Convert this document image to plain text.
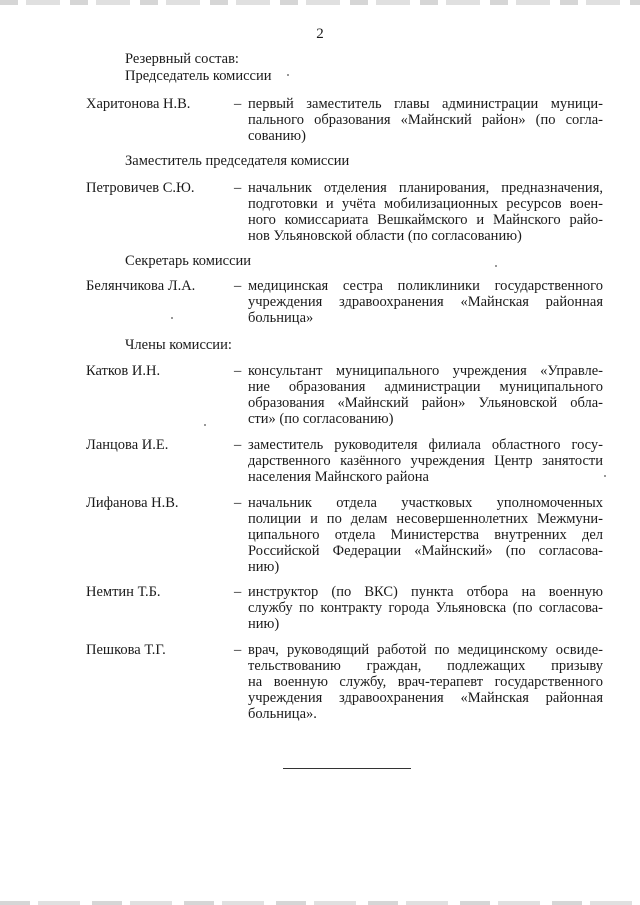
2
Резервный состав:
Председатель комиссии
Харитонова Н.В.	– первый заместитель главы администрации муници-
пального образования «Майнский район» (по согла-
сованию)
Заместитель председателя комиссии
Петровичев С.Ю.	– начальник отделения планирования, предназначения,
подготовки и учёта мобилизационных ресурсов воен-
ного комиссариата Вешкаймского и Майнского райо-
нов Ульяновской области (по согласованию)
Секретарь комиссии
Белянчикова Л.А.	– медицинская сестра поликлиники государственного
учреждения здравоохранения «Майнская районная
больница»
Члены комиссии:
Катков И.Н.	– консультант муниципального учреждения «Управле-
ние образования администрации муниципального
образования «Майнский район» Ульяновской обла-
сти» (по согласованию)
Ланцова И.Е.	– заместитель руководителя филиала областного госу-
дарственного казённого учреждения Центр занятости
населения Майнского района
Лифанова Н.В.	– начальник отдела участковых уполномоченных
полиции и по делам несовершеннолетних Межмуни-
ципального отдела Министерства внутренних дел
Российской Федерации «Майнский» (по согласова-
нию)
Немтин Т.Б.	– инструктор (по ВКС) пункта отбора на военную
службу по контракту города Ульяновска (по согласова-
нию)
Пешкова Т.Г.	– врач, руководящий работой по медицинскому освиде-
тельствованию граждан, подлежащих призыву
на военную службу, врач-терапевт государственного
учреждения здравоохранения «Майнская районная
больница».
